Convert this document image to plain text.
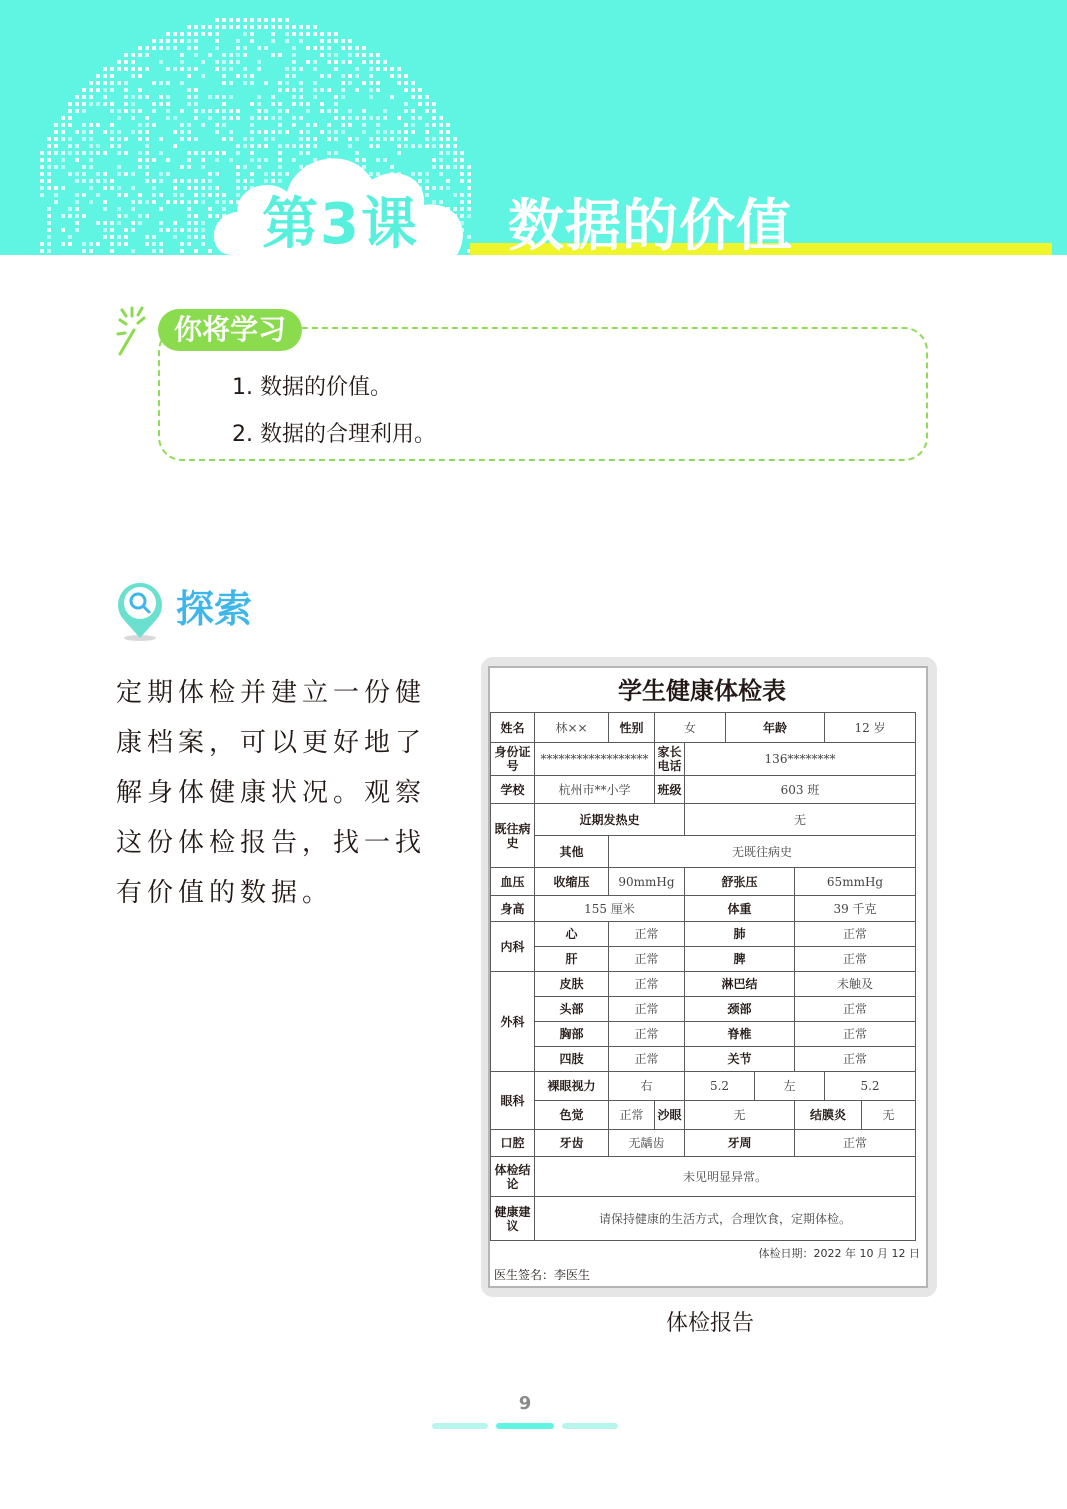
第3课 数据的价值
你将学习
1. 数据的价值。
2. 数据的合理利用。
探索
定期体检并建立一份健康档案，可以更好地了解身体健康状况。观察这份体检报告，找一找有价值的数据。
学生健康体检表
姓名	林××	性别	女		年龄			12 岁	
身份证号	******************		家长电话	136********					
学校	杭州市**小学		班级	603 班					
既往病史	近期发热史			无					
	其他	无既往病史							
血压	收缩压	90mmHg		舒张压			65mmHg		
身高	155 厘米			体重			39 千克		
内科	心	正常		肺			正常		
	肝	正常		脾			正常		
外科	皮肤	正常		淋巴结			未触及		
	头部	正常		颈部			正常		
	胸部	正常		脊椎			正常		
	四肢	正常		关节			正常		
眼科	裸眼视力	右		5.2		左		5.2	
	色觉	正常	沙眼	无			结膜炎		无
口腔	牙齿	无龋齿		牙周			正常		
体检结论	未见明显异常。								
健康建议	请保持健康的生活方式，合理饮食，定期体检。								
体检日期：2022 年 10 月 12 日
医生签名：李医生
体检报告
9
